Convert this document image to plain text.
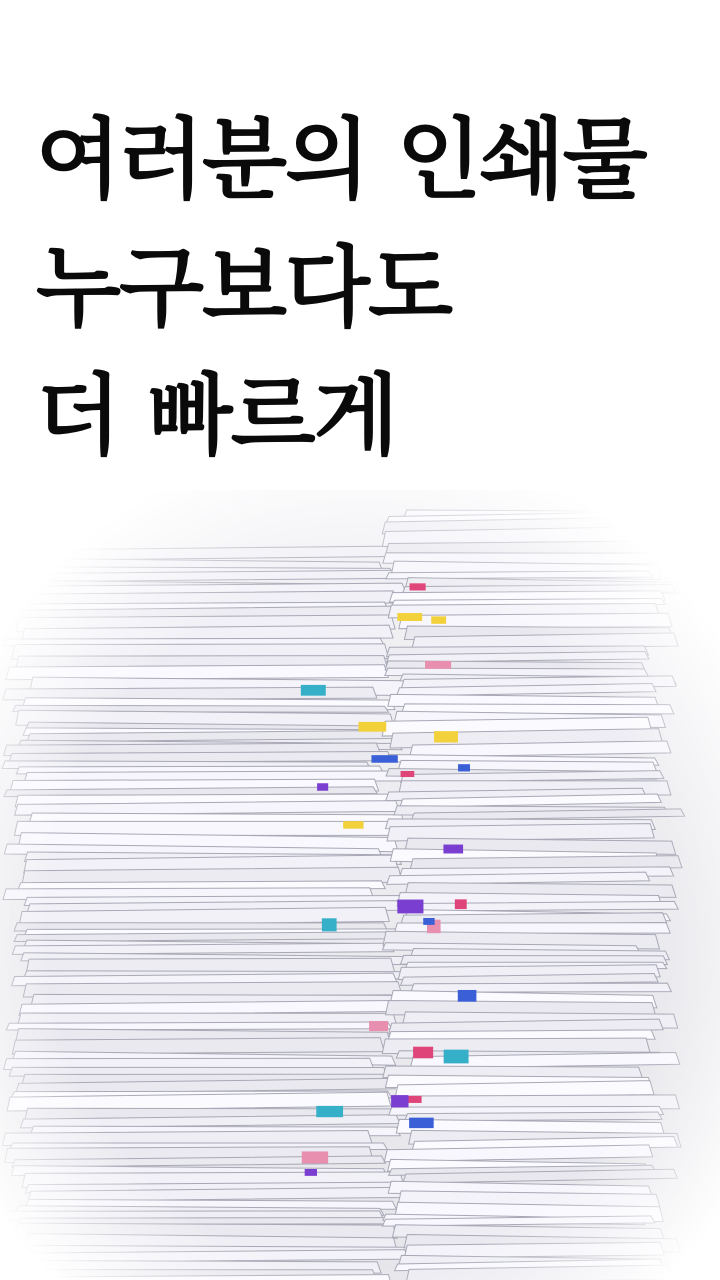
여러분의 인쇄물
누구보다도
더 빠르게
